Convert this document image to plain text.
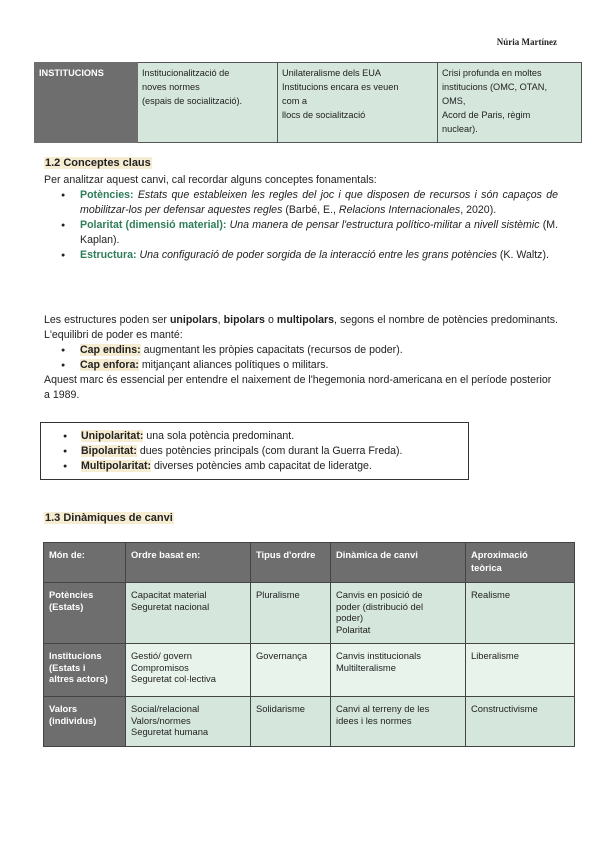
Núria Martínez
INSTITUCIONS	Institucionalització de
noves normes
(espais de socialització).	Unilateralisme dels EUA
Institucions encara es veuen
com a
llocs de socialització	Crisi profunda en moltes
institucions (OMC, OTAN,
OMS,
Acord de Paris, règim
nuclear).
1.2 Conceptes claus
Per analitzar aquest canvi, cal recordar alguns conceptes fonamentals:
● Potències: Estats que estableixen les regles del joc i que disposen de recursos i són capaços de mobilitzar-los per defensar aquestes regles (Barbé, E., Relacions Internacionales, 2020).
● Polaritat (dimensió material): Una manera de pensar l'estructura político-militar a nivell sistèmic (M. Kaplan).
● Estructura: Una configuració de poder sorgida de la interacció entre les grans potències (K. Waltz).
Les estructures poden ser unipolars, bipolars o multipolars, segons el nombre de potències predominants. L'equilibri de poder es manté:
● Cap endins: augmentant les pròpies capacitats (recursos de poder).
● Cap enfora: mitjançant aliances polítiques o militars.
Aquest marc és essencial per entendre el naixement de l'hegemonia nord-americana en el període posterior a 1989.
● Unipolaritat: una sola potència predominant.
● Bipolaritat: dues potències principals (com durant la Guerra Freda).
● Multipolaritat: diverses potències amb capacitat de lideratge.
1.3 Dinàmiques de canvi
Món de:	Ordre basat en:	Tipus d'ordre	Dinàmica de canvi	Aproximació
teòrica
Potències
(Estats)	Capacitat material
Seguretat nacional	Pluralisme	Canvis en posició de
poder (distribució del
poder)
Polaritat	Realisme
Institucions
(Estats i
altres actors)	Gestió/ govern
Compromisos
Seguretat col·lectiva	Governança	Canvis institucionals
Multilteralisme	Liberalisme
Valors
(individus)	Social/relacional
Valors/normes
Seguretat humana	Solidarisme	Canvi al terreny de les
idees i les normes	Constructivisme
